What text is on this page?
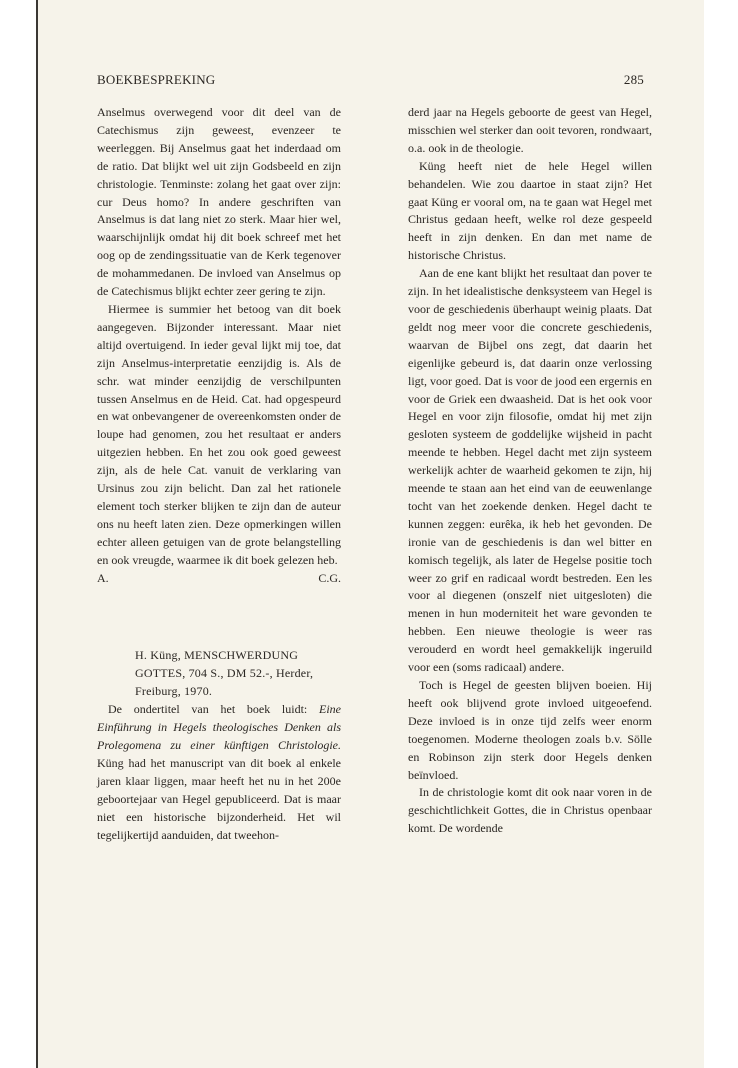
BOEKBESPREKING	285

Anselmus overwegend voor dit deel van de Catechismus zijn geweest, evenzeer te weerleggen. Bij Anselmus gaat het inderdaad om de ratio. Dat blijkt wel uit zijn Godsbeeld en zijn christologie. Tenminste: zolang het gaat over zijn: cur Deus homo? In andere geschriften van Anselmus is dat lang niet zo sterk. Maar hier wel, waarschijnlijk omdat hij dit boek schreef met het oog op de zendingssituatie van de Kerk tegenover de mohammedanen. De invloed van Anselmus op de Catechismus blijkt echter zeer gering te zijn.

Hiermee is summier het betoog van dit boek aangegeven. Bijzonder interessant. Maar niet altijd overtuigend. In ieder geval lijkt mij toe, dat zijn Anselmus-interpretatie eenzijdig is. Als de schr. wat minder eenzijdig de verschilpunten tussen Anselmus en de Heid. Cat. had opgespeurd en wat onbevangener de overeenkomsten onder de loupe had genomen, zou het resultaat er anders uitgezien hebben. En het zou ook goed geweest zijn, als de hele Cat. vanuit de verklaring van Ursinus zou zijn belicht. Dan zal het rationele element toch sterker blijken te zijn dan de auteur ons nu heeft laten zien. Deze opmerkingen willen echter alleen getuigen van de grote belangstelling en ook vreugde, waarmee ik dit boek gelezen heb.

A.	C.G.
H. Küng, MENSCHWERDUNG
GOTTES, 704 S., DM 52.-, Herder,
Freiburg, 1970.

De ondertitel van het boek luidt: Eine Einführung in Hegels theologisches Denken als Prolegomena zu einer künftigen Christologie. Küng had het manuscript van dit boek al enkele jaren klaar liggen, maar heeft het nu in het 200e geboortejaar van Hegel gepubliceerd. Dat is maar niet een historische bijzonderheid. Het wil tegelijkertijd aanduiden, dat tweehon-

derd jaar na Hegels geboorte de geest van Hegel, misschien wel sterker dan ooit tevoren, rondwaart, o.a. ook in de theologie.

Küng heeft niet de hele Hegel willen behandelen. Wie zou daartoe in staat zijn? Het gaat Küng er vooral om, na te gaan wat Hegel met Christus gedaan heeft, welke rol deze gespeeld heeft in zijn denken. En dan met name de historische Christus.

Aan de ene kant blijkt het resultaat dan pover te zijn. In het idealistische denksysteem van Hegel is voor de geschiedenis überhaupt weinig plaats. Dat geldt nog meer voor die concrete geschiedenis, waarvan de Bijbel ons zegt, dat daarin het eigenlijke gebeurd is, dat daarin onze verlossing ligt, voor goed. Dat is voor de jood een ergernis en voor de Griek een dwaasheid. Dat is het ook voor Hegel en voor zijn filosofie, omdat hij met zijn gesloten systeem de goddelijke wijsheid in pacht meende te hebben. Hegel dacht met zijn systeem werkelijk achter de waarheid gekomen te zijn, hij meende te staan aan het eind van de eeuwenlange tocht van het zoekende denken. Hegel dacht te kunnen zeggen: eurêka, ik heb het gevonden. De ironie van de geschiedenis is dan wel bitter en komisch tegelijk, als later de Hegelse positie toch weer zo grif en radicaal wordt bestreden. Een les voor al diegenen (onszelf niet uitgesloten) die menen in hun moderniteit het ware gevonden te hebben. Een nieuwe theologie is weer ras verouderd en wordt heel gemakkelijk ingeruild voor een (soms radicaal) andere.

Toch is Hegel de geesten blijven boeien. Hij heeft ook blijvend grote invloed uitgeoefend. Deze invloed is in onze tijd zelfs weer enorm toegenomen. Moderne theologen zoals b.v. Sölle en Robinson zijn sterk door Hegels denken beïnvloed.

In de christologie komt dit ook naar voren in de geschichtlichkeit Gottes, die in Christus openbaar komt. De wordende
